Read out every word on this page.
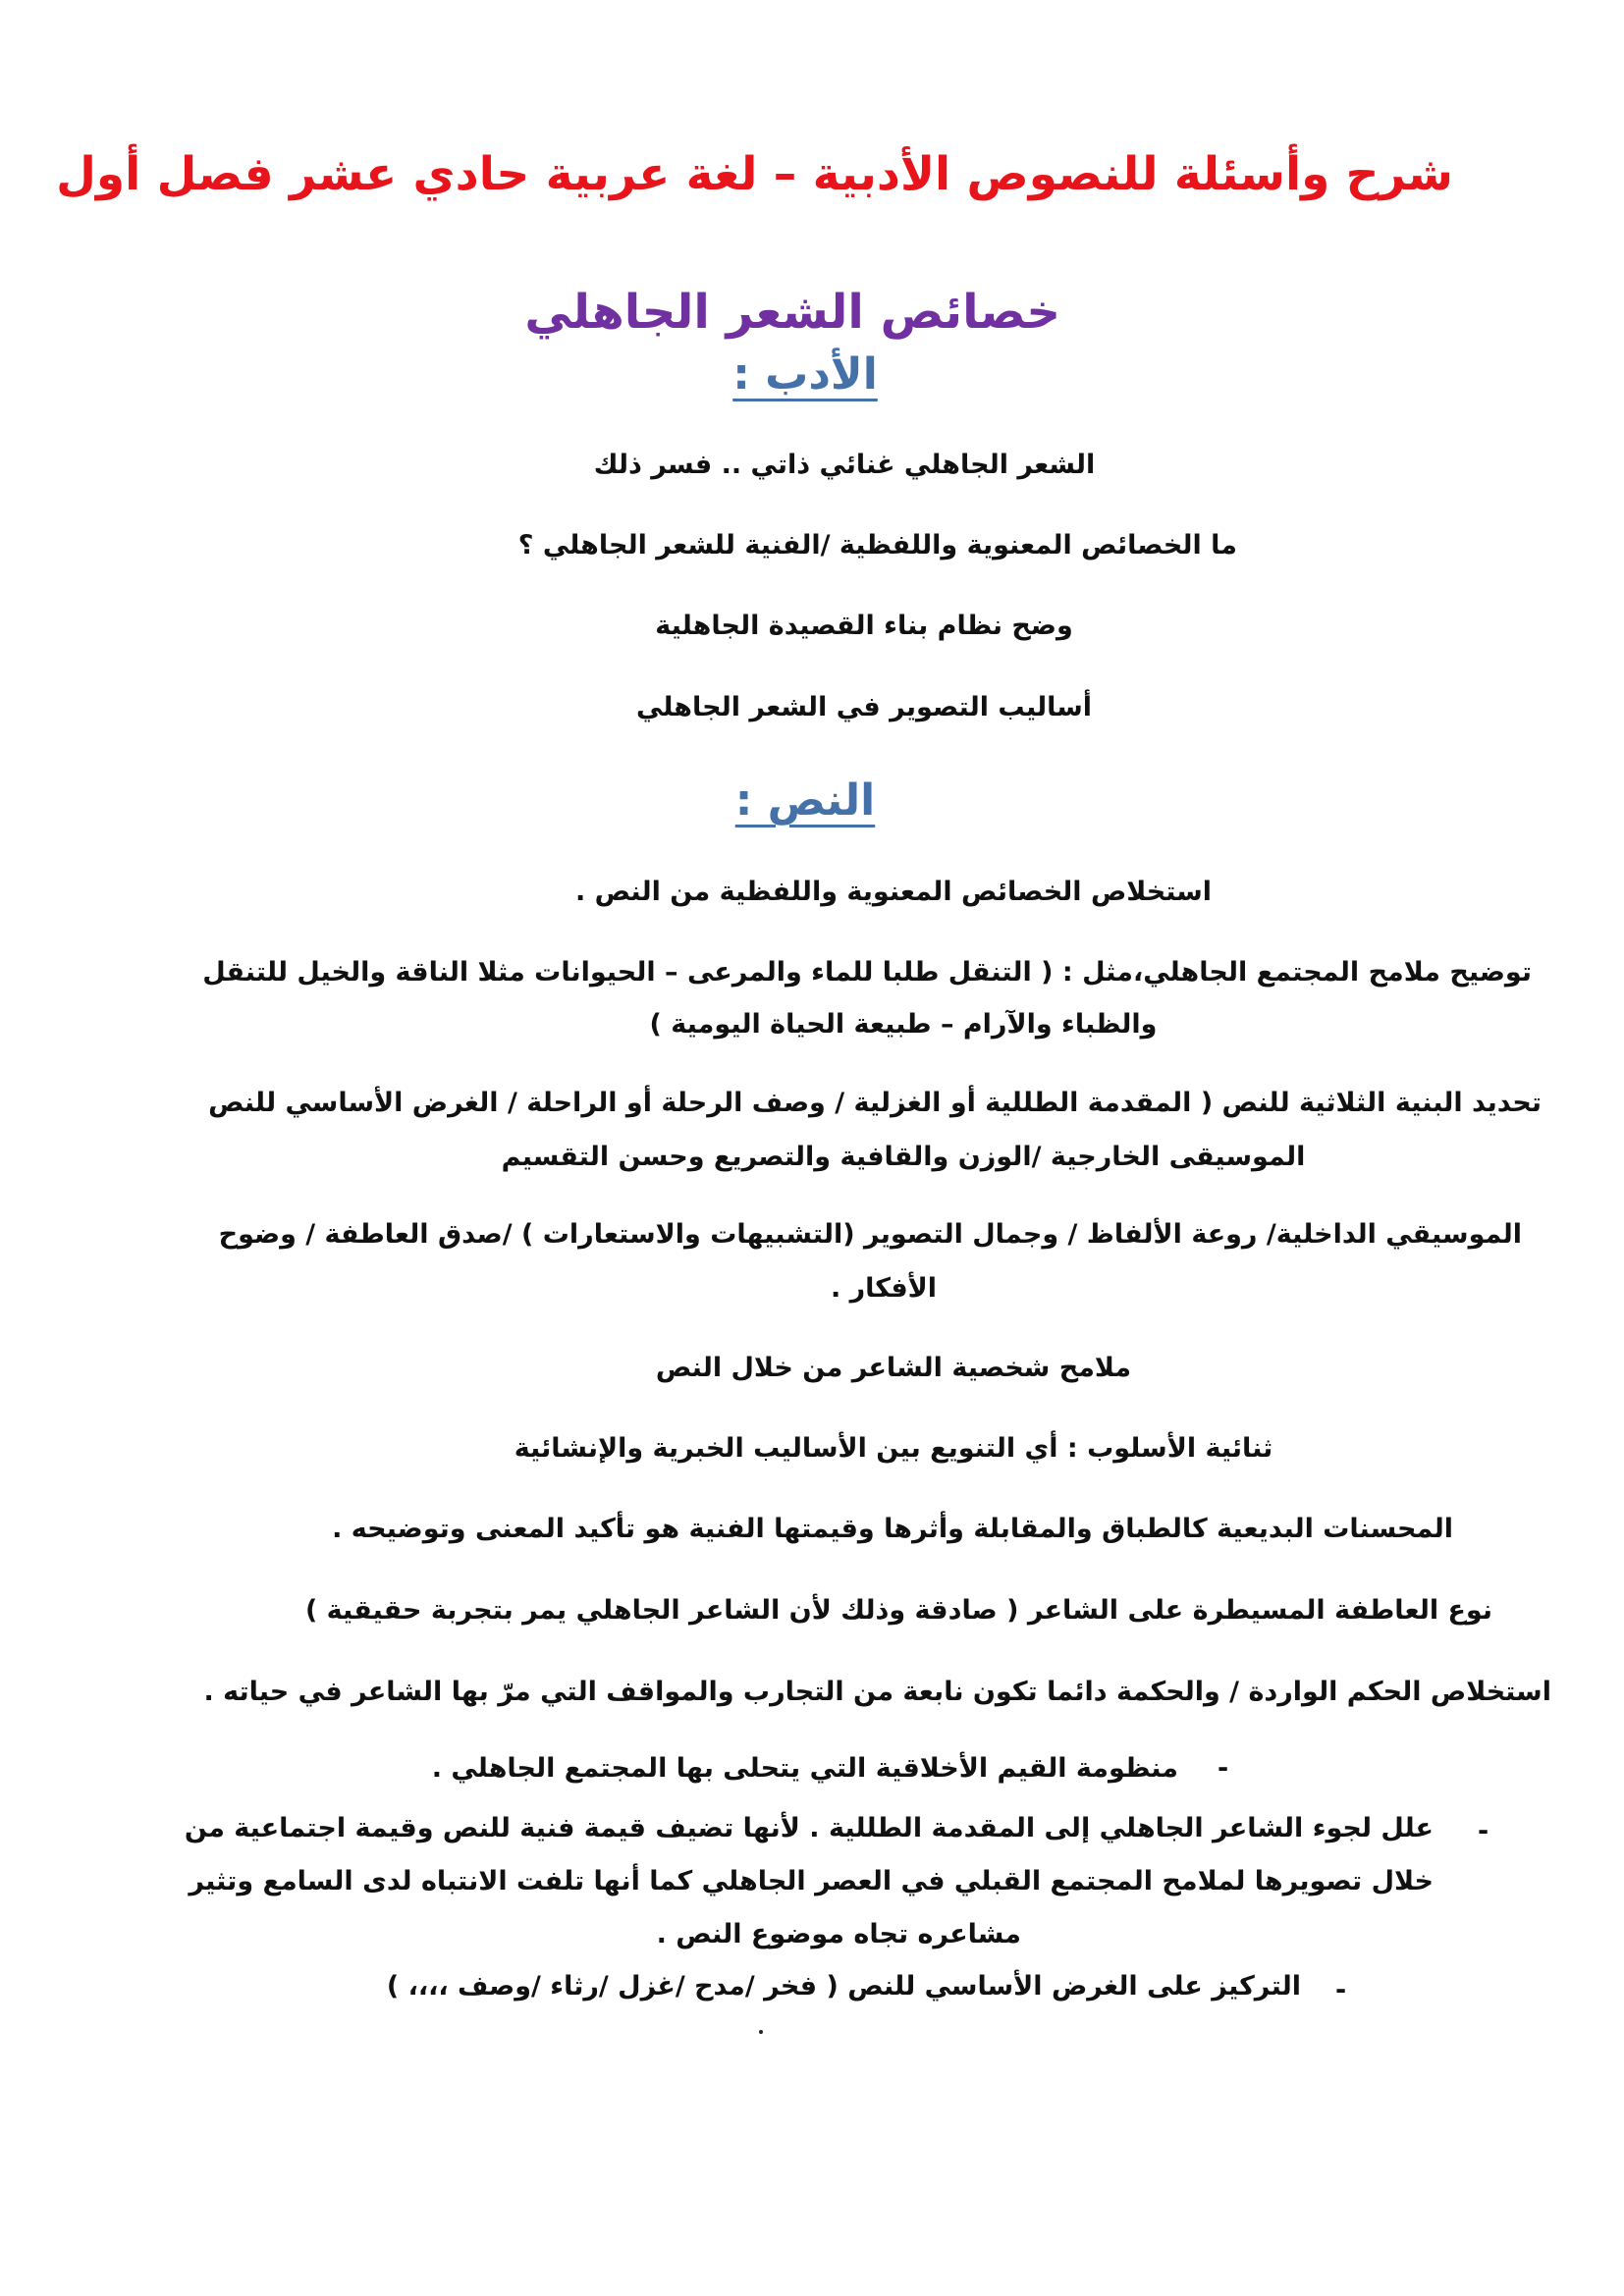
شرح وأسئلة للنصوص الأدبية – لغة عربية حادي عشر فصل أول
خصائص الشعر الجاهلي
الأدب :
الشعر الجاهلي غنائي ذاتي .. فسر ذلك
ما الخصائص المعنوية واللفظية /الفنية للشعر الجاهلي ؟
وضح نظام بناء القصيدة الجاهلية
أساليب التصوير في الشعر الجاهلي
النص :
استخلاص الخصائص المعنوية واللفظية من النص .
توضيح ملامح المجتمع الجاهلي،مثل : ( التنقل طلبا للماء والمرعى – الحيوانات مثلا الناقة والخيل للتنقل
والظباء والآرام – طبيعة الحياة اليومية )
تحديد البنية الثلاثية للنص ( المقدمة الطللية أو الغزلية / وصف الرحلة أو الراحلة / الغرض الأساسي للنص
الموسيقى الخارجية /الوزن والقافية والتصريع وحسن التقسيم
الموسيقي الداخلية/ روعة الألفاظ / وجمال التصوير (التشبيهات والاستعارات ) /صدق العاطفة / وضوح
الأفكار .
ملامح شخصية الشاعر من خلال النص
ثنائية الأسلوب : أي التنويع بين الأساليب الخبرية والإنشائية
المحسنات البديعية كالطباق والمقابلة وأثرها وقيمتها الفنية هو تأكيد المعنى وتوضيحه .
نوع العاطفة المسيطرة على الشاعر ( صادقة وذلك لأن الشاعر الجاهلي يمر بتجربة حقيقية )
استخلاص الحكم الواردة / والحكمة دائما تكون نابعة من التجارب والمواقف التي مرّ بها الشاعر في حياته .
-
منظومة القيم الأخلاقية التي يتحلى بها المجتمع الجاهلي .
-
علل لجوء الشاعر الجاهلي إلى المقدمة الطللية . لأنها تضيف قيمة فنية للنص وقيمة اجتماعية من
خلال تصويرها لملامح المجتمع القبلي في العصر الجاهلي كما أنها تلفت الانتباه لدى السامع وتثير
مشاعره تجاه موضوع النص .
-
التركيز على الغرض الأساسي للنص ( فخر /مدح /غزل /رثاء /وصف ،،،، )
